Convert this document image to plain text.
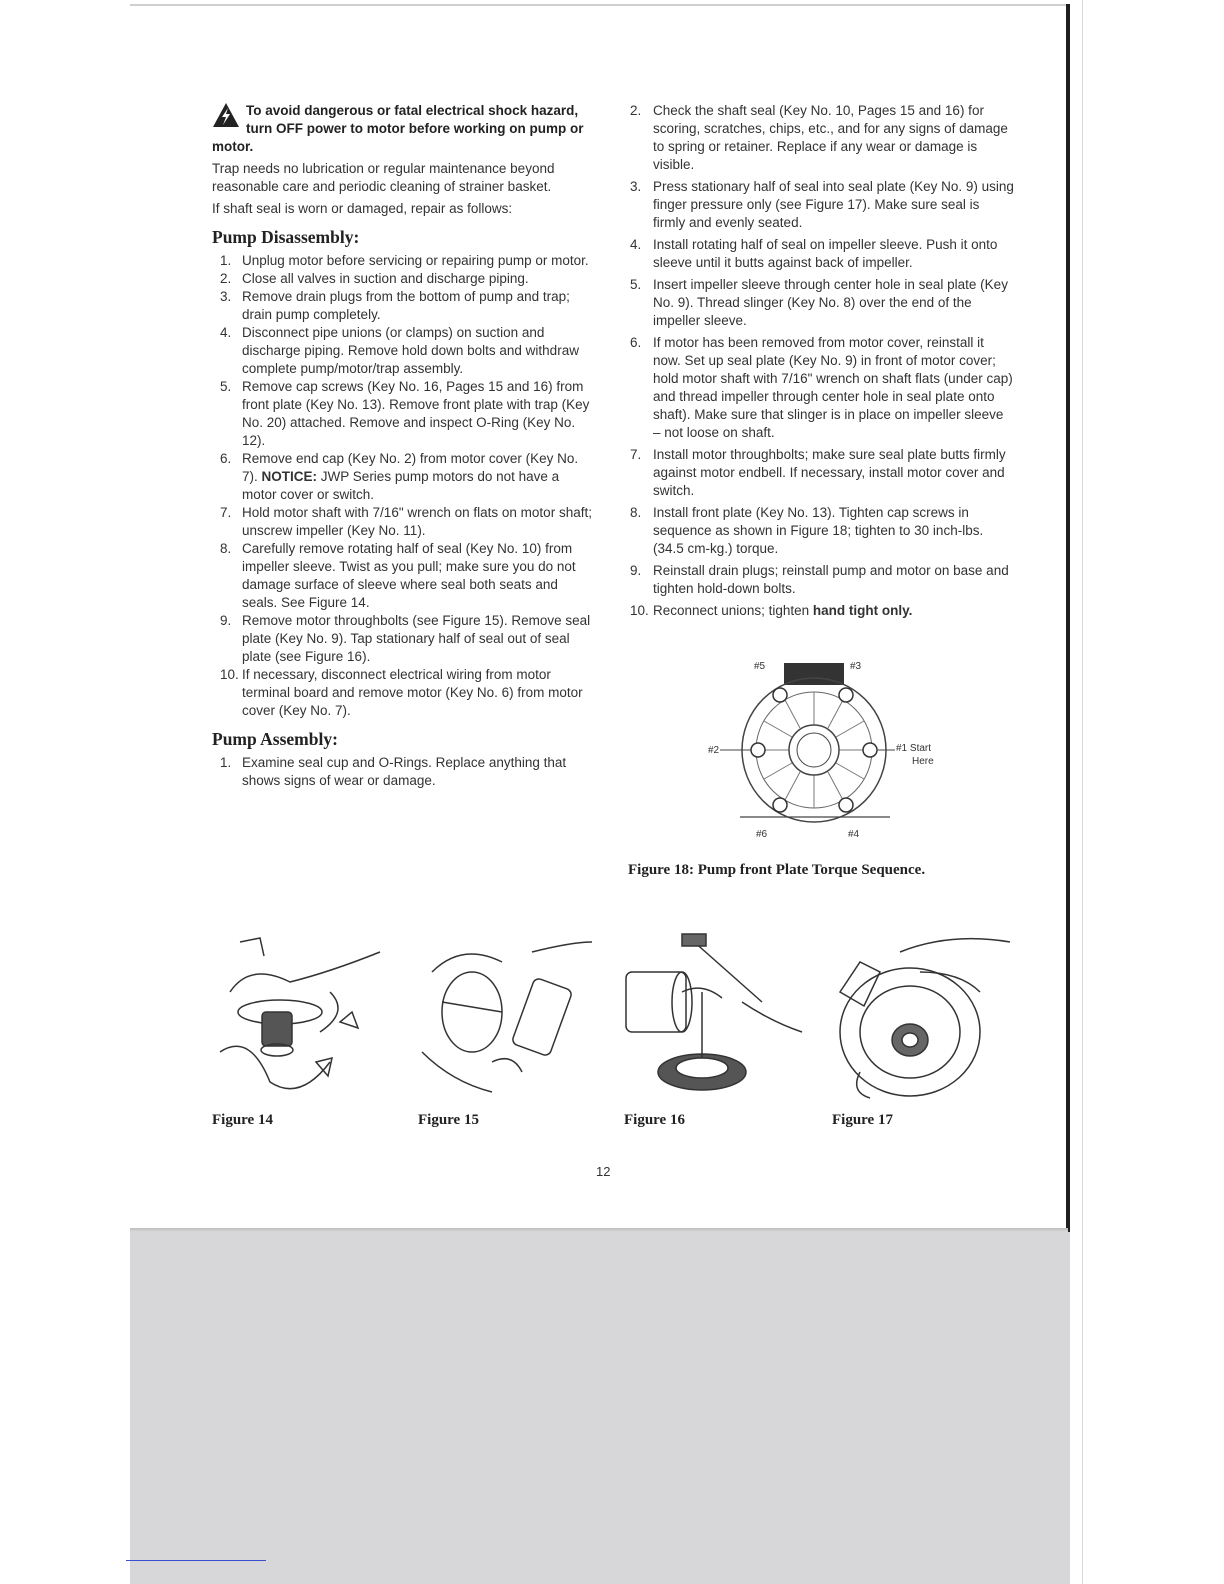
To avoid dangerous or fatal electrical shock hazard, turn OFF power to motor before working on pump or motor.

Trap needs no lubrication or regular maintenance beyond reasonable care and periodic cleaning of strainer basket.

If shaft seal is worn or damaged, repair as follows:

Pump Disassembly:
1. Unplug motor before servicing or repairing pump or motor.
2. Close all valves in suction and discharge piping.
3. Remove drain plugs from the bottom of pump and trap; drain pump completely.
4. Disconnect pipe unions (or clamps) on suction and discharge piping. Remove hold down bolts and withdraw complete pump/motor/trap assembly.
5. Remove cap screws (Key No. 16, Pages 15 and 16) from front plate (Key No. 13). Remove front plate with trap (Key No. 20) attached. Remove and inspect O-Ring (Key No. 12).
6. Remove end cap (Key No. 2) from motor cover (Key No. 7). NOTICE: JWP Series pump motors do not have a motor cover or switch.
7. Hold motor shaft with 7/16" wrench on flats on motor shaft; unscrew impeller (Key No. 11).
8. Carefully remove rotating half of seal (Key No. 10) from impeller sleeve. Twist as you pull; make sure you do not damage surface of sleeve where seal both seats and seals. See Figure 14.
9. Remove motor throughbolts (see Figure 15). Remove seal plate (Key No. 9). Tap stationary half of seal out of seal plate (see Figure 16).
10. If necessary, disconnect electrical wiring from motor terminal board and remove motor (Key No. 6) from motor cover (Key No. 7).
Pump Assembly:
1. Examine seal cup and O-Rings. Replace anything that shows signs of wear or damage.
2. Check the shaft seal (Key No. 10, Pages 15 and 16) for scoring, scratches, chips, etc., and for any signs of damage to spring or retainer. Replace if any wear or damage is visible.
3. Press stationary half of seal into seal plate (Key No. 9) using finger pressure only (see Figure 17). Make sure seal is firmly and evenly seated.
4. Install rotating half of seal on impeller sleeve. Push it onto sleeve until it butts against back of impeller.
5. Insert impeller sleeve through center hole in seal plate (Key No. 9). Thread slinger (Key No. 8) over the end of the impeller sleeve.
6. If motor has been removed from motor cover, reinstall it now. Set up seal plate (Key No. 9) in front of motor cover; hold motor shaft with 7/16" wrench on shaft flats (under cap) and thread impeller through center hole in seal plate onto shaft). Make sure that slinger is in place on impeller sleeve – not loose on shaft.
7. Install motor throughbolts; make sure seal plate butts firmly against motor endbell. If necessary, install motor cover and switch.
8. Install front plate (Key No. 13). Tighten cap screws in sequence as shown in Figure 18; tighten to 30 inch-lbs. (34.5 cm-kg.) torque.
9. Reinstall drain plugs; reinstall pump and motor on base and tighten hold-down bolts.
10. Reconnect unions; tighten hand tight only.
#5	#3
#2	#1 Start
Here
#6	#4
Figure 18: Pump front Plate Torque Sequence.
Figure 14	Figure 15	Figure 16	Figure 17
12
